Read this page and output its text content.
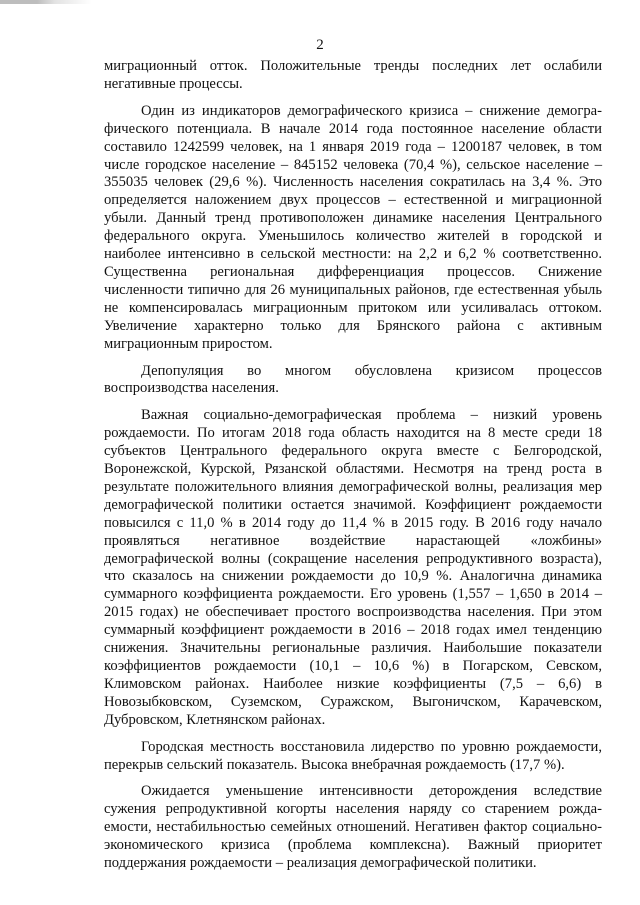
2

миграционный отток. Положительные тренды последних лет ослабили негативные процессы.

Один из индикаторов демографического кризиса – снижение демографического потенциала. В начале 2014 года постоянное население области составило 1242599 человек, на 1 января 2019 года – 1200187 человек, в том числе городское население – 845152 человека (70,4 %), сельское население – 355035 человек (29,6 %). Численность населения сократилась на 3,4 %. Это определяется наложением двух процессов – естественной и миграционной убыли. Данный тренд противоположен динамике населения Центрального федерального округа. Уменьшилось количество жителей в городской и наиболее интенсивно в сельской местности: на 2,2 и 6,2 % соответственно. Существенна региональная дифференциация процессов. Снижение численности типично для 26 муниципальных районов, где естественная убыль не компенсировалась миграционным притоком или усиливалась оттоком. Увеличение характерно только для Брянского района с активным миграционным приростом.

Депопуляция во многом обусловлена кризисом процессов воспроизводства населения.

Важная социально-демографическая проблема – низкий уровень рождаемости. По итогам 2018 года область находится на 8 месте среди 18 субъектов Центрального федерального округа вместе с Белгородской, Воронежской, Курской, Рязанской областями. Несмотря на тренд роста в результате положительного влияния демографической волны, реализация мер демографической политики остается значимой. Коэффициент рождаемости повысился с 11,0 % в 2014 году до 11,4 % в 2015 году. В 2016 году начало проявляться негативное воздействие нарастающей «ложбины» демографической волны (сокращение населения репродуктивного возраста), что сказалось на снижении рождаемости до 10,9 %. Аналогична динамика суммарного коэффициента рождаемости. Его уровень (1,557 – 1,650 в 2014 – 2015 годах) не обеспечивает простого воспроизводства населения. При этом суммарный коэффициент рождаемости в 2016 – 2018 годах имел тенденцию снижения. Значительны региональные различия. Наибольшие показатели коэффициентов рождаемости (10,1 – 10,6 %) в Погарском, Севском, Климовском районах. Наиболее низкие коэффициенты (7,5 – 6,6) в Новозыбковском, Суземском, Суражском, Выгоничском, Карачевском, Дубровском, Клетнянском районах.

Городская местность восстановила лидерство по уровню рождаемости, перекрыв сельский показатель. Высока внебрачная рождаемость (17,7 %).

Ожидается уменьшение интенсивности деторождения вследствие сужения репродуктивной когорты населения наряду со старением рождаемости, нестабильностью семейных отношений. Негативен фактор социально-экономического кризиса (проблема комплексна). Важный приоритет поддержания рождаемости – реализация демографической политики.
